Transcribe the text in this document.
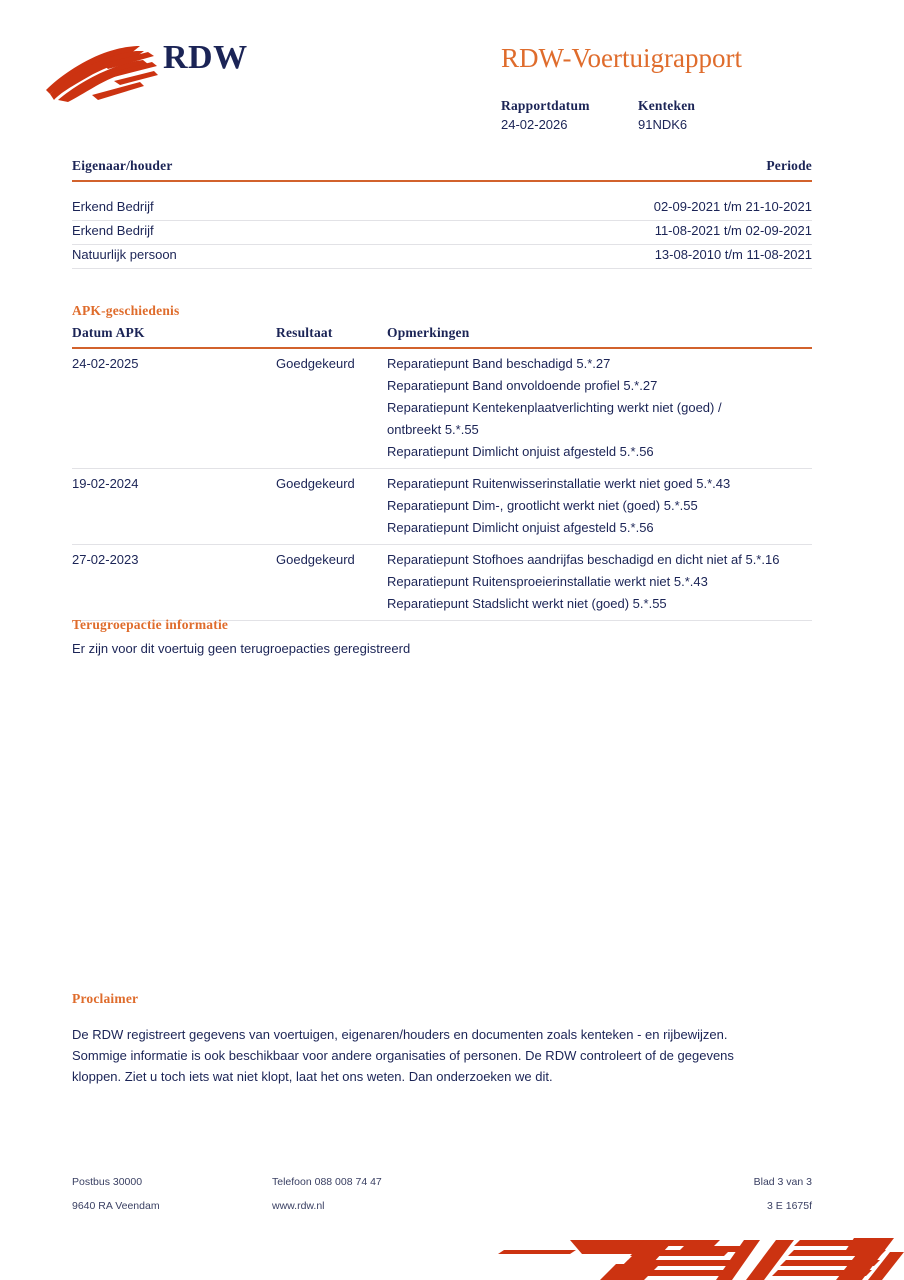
RDW	RDW-Voertuigrapport
Rapportdatum
24-02-2026
Kenteken
91NDK6
Eigenaar/houder	Periode
Erkend Bedrijf	02-09-2021 t/m 21-10-2021
Erkend Bedrijf	11-08-2021 t/m 02-09-2021
Natuurlijk persoon	13-08-2010 t/m 11-08-2021
APK-geschiedenis
Datum APK	Resultaat	Opmerkingen
24-02-2025	Goedgekeurd	Reparatiepunt Band beschadigd 5.*.27
Reparatiepunt Band onvoldoende profiel 5.*.27
Reparatiepunt Kentekenplaatverlichting werkt niet (goed) /
ontbreekt 5.*.55
Reparatiepunt Dimlicht onjuist afgesteld 5.*.56
19-02-2024	Goedgekeurd	Reparatiepunt Ruitenwisserinstallatie werkt niet goed 5.*.43
Reparatiepunt Dim-, grootlicht werkt niet (goed) 5.*.55
Reparatiepunt Dimlicht onjuist afgesteld 5.*.56
27-02-2023	Goedgekeurd	Reparatiepunt Stofhoes aandrijfas beschadigd en dicht niet af 5.*.16
Reparatiepunt Ruitensproeierinstallatie werkt niet 5.*.43
Reparatiepunt Stadslicht werkt niet (goed) 5.*.55
Terugroepactie informatie
Er zijn voor dit voertuig geen terugroepacties geregistreerd
Proclaimer
De RDW registreert gegevens van voertuigen, eigenaren/houders en documenten zoals kenteken - en rijbewijzen. Sommige informatie is ook beschikbaar voor andere organisaties of personen. De RDW controleert of de gegevens kloppen. Ziet u toch iets wat niet klopt, laat het ons weten. Dan onderzoeken we dit.
Postbus 30000	Telefoon 088 008 74 47	Blad 3 van 3
9640 RA Veendam	www.rdw.nl	3 E 1675f
